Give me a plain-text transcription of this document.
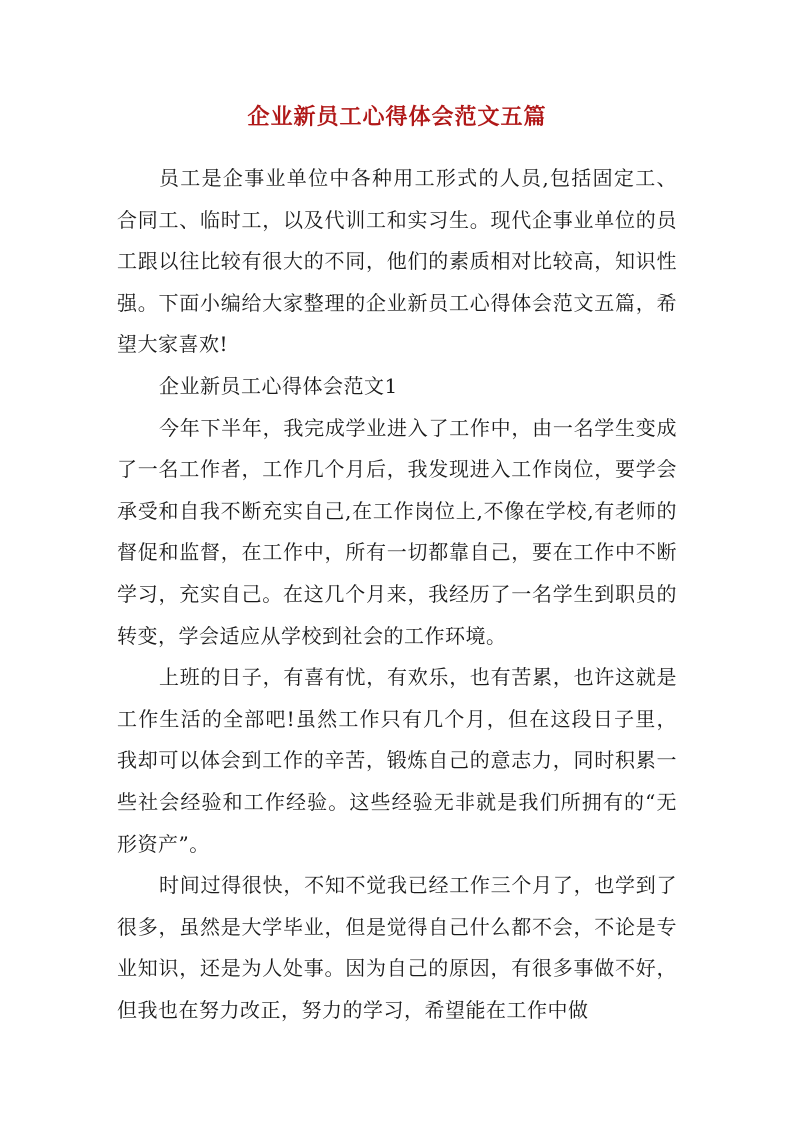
企业新员工心得体会范文五篇

员工是企事业单位中各种用工形式的人员,包括固定工、合同工、临时工，以及代训工和实习生。现代企事业单位的员工跟以往比较有很大的不同，他们的素质相对比较高，知识性强。下面小编给大家整理的企业新员工心得体会范文五篇，希望大家喜欢!

企业新员工心得体会范文1

今年下半年，我完成学业进入了工作中，由一名学生变成了一名工作者，工作几个月后，我发现进入工作岗位，要学会承受和自我不断充实自己,在工作岗位上,不像在学校,有老师的督促和监督，在工作中，所有一切都靠自己，要在工作中不断学习，充实自己。在这几个月来，我经历了一名学生到职员的转变，学会适应从学校到社会的工作环境。

上班的日子，有喜有忧，有欢乐，也有苦累，也许这就是工作生活的全部吧!虽然工作只有几个月，但在这段日子里，我却可以体会到工作的辛苦，锻炼自己的意志力，同时积累一些社会经验和工作经验。这些经验无非就是我们所拥有的“无形资产”。

时间过得很快，不知不觉我已经工作三个月了，也学到了很多，虽然是大学毕业，但是觉得自己什么都不会，不论是专业知识，还是为人处事。因为自己的原因，有很多事做不好，但我也在努力改正，努力的学习，希望能在工作中做
